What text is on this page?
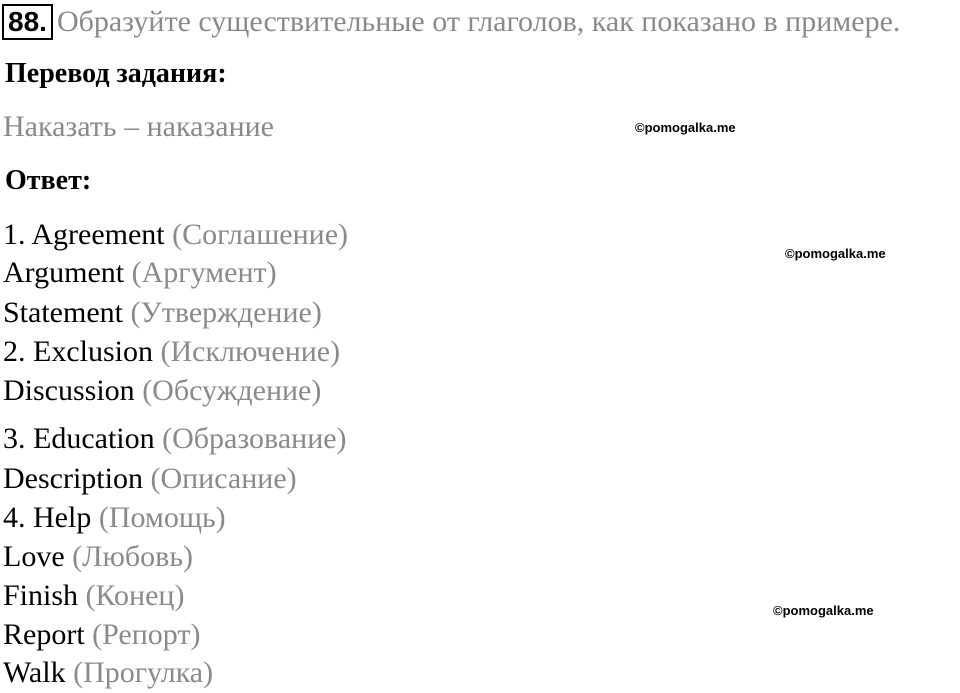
88. Образуйте существительные от глаголов, как показано в примере.
Перевод задания:
Наказать – наказание	©pomogalka.me
Ответ:
©pomogalka.me
©pomogalka.me
1. Agreement (Соглашение)
Argument (Аргумент)
Statement (Утверждение)
2. Exclusion (Исключение)
Discussion (Обсуждение)
3. Education (Образование)
Description (Описание)
4. Help (Помощь)
Love (Любовь)
Finish (Конец)
Report (Репорт)
Walk (Прогулка)
